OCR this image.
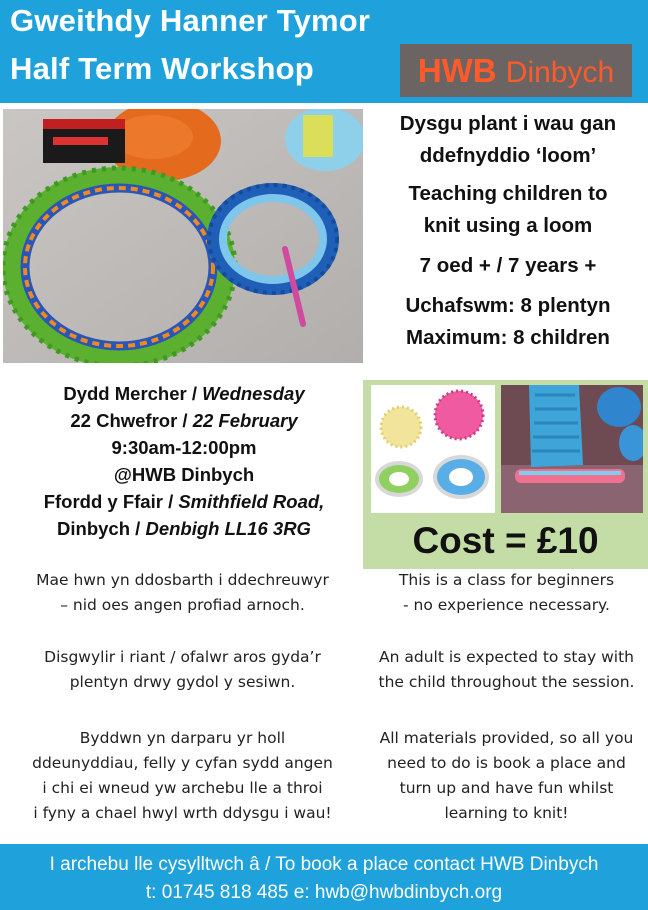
Gweithdy Hanner Tymor
Half Term Workshop	HWB Dinbych

Dysgu plant i wau gan

ddefnyddio ‘loom’

Teaching children to

knit using a loom

7 oed + / 7 years +

Uchafswm: 8 plentyn

Maximum: 8 children

Dydd Mercher / Wednesday

22 Chwefror / 22 February

9:30am-12:00pm

@HWB Dinbych

Ffordd y Ffair / Smithfield Road,

Dinbych / Denbigh LL16 3RG	Cost = £10

Mae hwn yn ddosbarth i ddechreuwyr

– nid oes angen profiad arnoch.

Disgwylir i riant / ofalwr aros gyda’r

plentyn drwy gydol y sesiwn.

Byddwn yn darparu yr holl

ddeunyddiau, felly y cyfan sydd angen

i chi ei wneud yw archebu lle a throi

i fyny a chael hwyl wrth ddysgu i wau!

This is a class for beginners

- no experience necessary.

An adult is expected to stay with

the child throughout the session.

All materials provided, so all you

need to do is book a place and

turn up and have fun whilst

learning to knit!

I archebu lle cysylltwch â / To book a place contact HWB Dinbych

t: 01745 818 485 e: hwb@hwbdinbych.org
